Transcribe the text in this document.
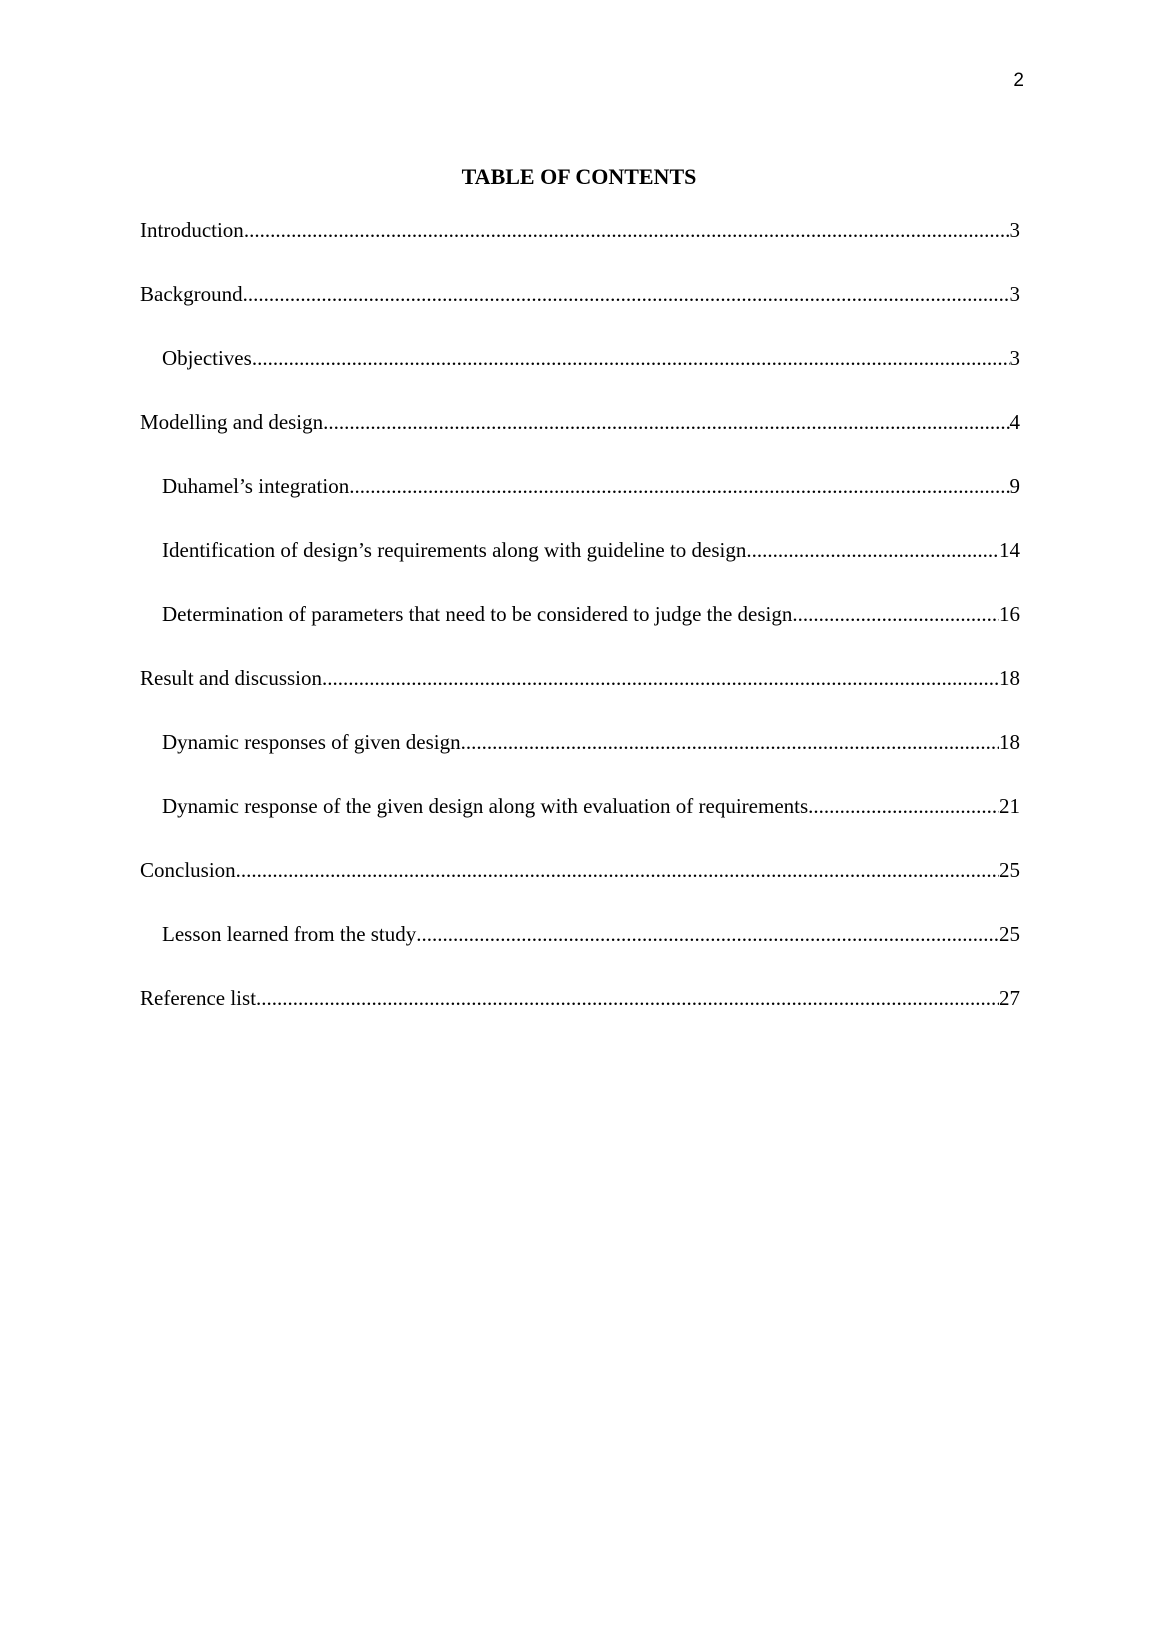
2
TABLE OF CONTENTS
Introduction .....	3
Background .....	3
Objectives .....	3
Modelling and design .....	4
Duhamel’s integration .....	9
Identification of design’s requirements along with guideline to design .....	14
Determination of parameters that need to be considered to judge the design .....	16
Result and discussion .....	18
Dynamic responses of given design .....	18
Dynamic response of the given design along with evaluation of requirements .....	21
Conclusion .....	25
Lesson learned from the study .....	25
Reference list .....	27
